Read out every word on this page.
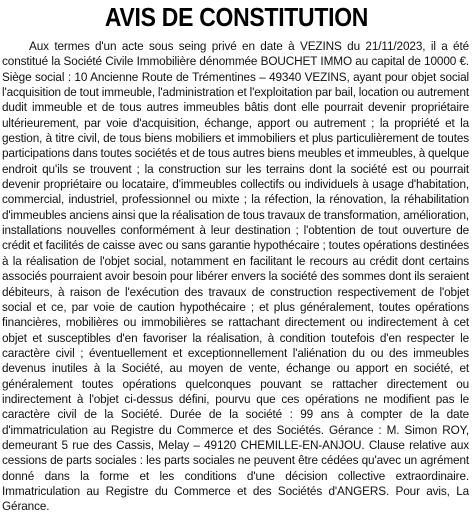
AVIS DE CONSTITUTION

Aux termes d'un acte sous seing privé en date à VEZINS du 21/11/2023, il a été constitué la Société Civile Immobilière dénommée BOUCHET IMMO au capital de 10000 €. Siège social : 10 Ancienne Route de Trémentines – 49340 VEZINS, ayant pour objet social l'acquisition de tout immeuble, l'administration et l'exploitation par bail, location ou autrement dudit immeuble et de tous autres immeubles bâtis dont elle pourrait devenir propriétaire ultérieurement, par voie d'acquisition, échange, apport ou autrement ; la propriété et la gestion, à titre civil, de tous biens mobiliers et immobiliers et plus particulièrement de toutes participations dans toutes sociétés et de tous autres biens meubles et immeubles, à quelque endroit qu'ils se trouvent ; la construction sur les terrains dont la société est ou pourrait devenir propriétaire ou locataire, d'immeubles collectifs ou individuels à usage d'habitation, commercial, industriel, professionnel ou mixte ; la réfection, la rénovation, la réhabilitation d'immeubles anciens ainsi que la réalisation de tous travaux de transformation, amélioration, installations nouvelles conformément à leur destination ; l'obtention de tout ouverture de crédit et facilités de caisse avec ou sans garantie hypothécaire ; toutes opérations destinées à la réalisation de l'objet social, notamment en facilitant le recours au crédit dont certains associés pourraient avoir besoin pour libérer envers la société des sommes dont ils seraient débiteurs, à raison de l'exécution des travaux de construction respectivement de l'objet social et ce, par voie de caution hypothécaire ; et plus généralement, toutes opérations financières, mobilières ou immobilières se rattachant directement ou indirectement à cet objet et susceptibles d'en favoriser la réalisation, à condition toutefois d'en respecter le caractère civil ; éventuellement et exceptionnellement l'aliénation du ou des immeubles devenus inutiles à la Société, au moyen de vente, échange ou apport en société, et généralement toutes opérations quelconques pouvant se rattacher directement ou indirectement à l'objet ci-dessus défini, pourvu que ces opérations ne modifient pas le caractère civil de la Société. Durée de la société : 99 ans à compter de la date d'immatriculation au Registre du Commerce et des Sociétés. Gérance : M. Simon ROY, demeurant 5 rue des Cassis, Melay – 49120 CHEMILLE-EN-ANJOU. Clause relative aux cessions de parts sociales : les parts sociales ne peuvent être cédées qu'avec un agrément donné dans la forme et les conditions d'une décision collective extraordinaire. Immatriculation au Registre du Commerce et des Sociétés d'ANGERS. Pour avis, La Gérance.
